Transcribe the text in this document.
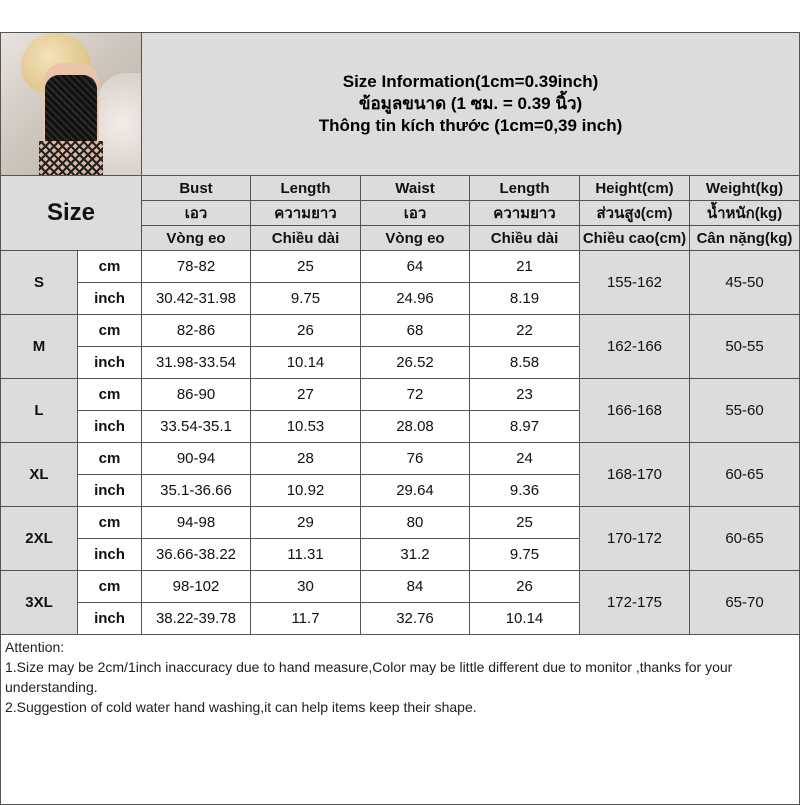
		Size Information(1cm=0.39inch)
ข้อมูลขนาด (1 ซม. = 0.39 นิ้ว)
Thông tin kích thước (1cm=0,39 inch)					

Size		Bust	Length	Waist	Length	Height(cm)	Weight(kg)
		เอว	ความยาว	เอว	ความยาว	ส่วนสูง(cm)	น้ำหนัก(kg)
		Vòng eo	Chiều dài	Vòng eo	Chiều dài	Chiều cao(cm)	Cân nặng(kg)
S	cm	78-82	25	64	21	155-162	45-50
	inch	30.42-31.98	9.75	24.96	8.19		
M	cm	82-86	26	68	22	162-166	50-55
	inch	31.98-33.54	10.14	26.52	8.58		
L	cm	86-90	27	72	23	166-168	55-60
	inch	33.54-35.1	10.53	28.08	8.97		
XL	cm	90-94	28	76	24	168-170	60-65
	inch	35.1-36.66	10.92	29.64	9.36		
2XL	cm	94-98	29	80	25	170-172	60-65
	inch	36.66-38.22	11.31	31.2	9.75		
3XL	cm	98-102	30	84	26	172-175	65-70
	inch	38.22-39.78	11.7	32.76	10.14		

Attention:
1.Size may be 2cm/1inch inaccuracy due to hand measure,Color may be little different due to monitor ,thanks for your understanding.
2.Suggestion of cold water hand washing,it can help items keep their shape.							
